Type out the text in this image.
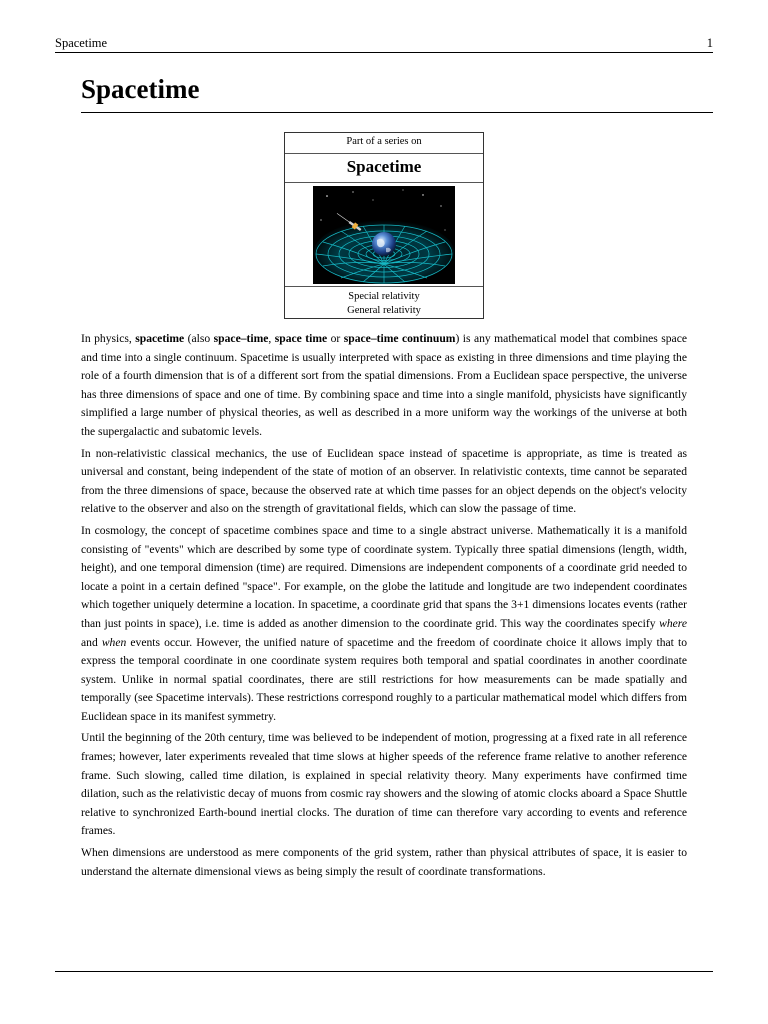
Spacetime	1
Spacetime
Part of a series on
Spacetime
Special relativity
General relativity

In physics, spacetime (also space–time, space time or space–time continuum) is any mathematical model that combines space and time into a single continuum. Spacetime is usually interpreted with space as existing in three dimensions and time playing the role of a fourth dimension that is of a different sort from the spatial dimensions. From a Euclidean space perspective, the universe has three dimensions of space and one of time. By combining space and time into a single manifold, physicists have significantly simplified a large number of physical theories, as well as described in a more uniform way the workings of the universe at both the supergalactic and subatomic levels.

In non-relativistic classical mechanics, the use of Euclidean space instead of spacetime is appropriate, as time is treated as universal and constant, being independent of the state of motion of an observer. In relativistic contexts, time cannot be separated from the three dimensions of space, because the observed rate at which time passes for an object depends on the object's velocity relative to the observer and also on the strength of gravitational fields, which can slow the passage of time.

In cosmology, the concept of spacetime combines space and time to a single abstract universe. Mathematically it is a manifold consisting of "events" which are described by some type of coordinate system. Typically three spatial dimensions (length, width, height), and one temporal dimension (time) are required. Dimensions are independent components of a coordinate grid needed to locate a point in a certain defined "space". For example, on the globe the latitude and longitude are two independent coordinates which together uniquely determine a location. In spacetime, a coordinate grid that spans the 3+1 dimensions locates events (rather than just points in space), i.e. time is added as another dimension to the coordinate grid. This way the coordinates specify where and when events occur. However, the unified nature of spacetime and the freedom of coordinate choice it allows imply that to express the temporal coordinate in one coordinate system requires both temporal and spatial coordinates in another coordinate system. Unlike in normal spatial coordinates, there are still restrictions for how measurements can be made spatially and temporally (see Spacetime intervals). These restrictions correspond roughly to a particular mathematical model which differs from Euclidean space in its manifest symmetry.

Until the beginning of the 20th century, time was believed to be independent of motion, progressing at a fixed rate in all reference frames; however, later experiments revealed that time slows at higher speeds of the reference frame relative to another reference frame. Such slowing, called time dilation, is explained in special relativity theory. Many experiments have confirmed time dilation, such as the relativistic decay of muons from cosmic ray showers and the slowing of atomic clocks aboard a Space Shuttle relative to synchronized Earth-bound inertial clocks. The duration of time can therefore vary according to events and reference frames.

When dimensions are understood as mere components of the grid system, rather than physical attributes of space, it is easier to understand the alternate dimensional views as being simply the result of coordinate transformations.
